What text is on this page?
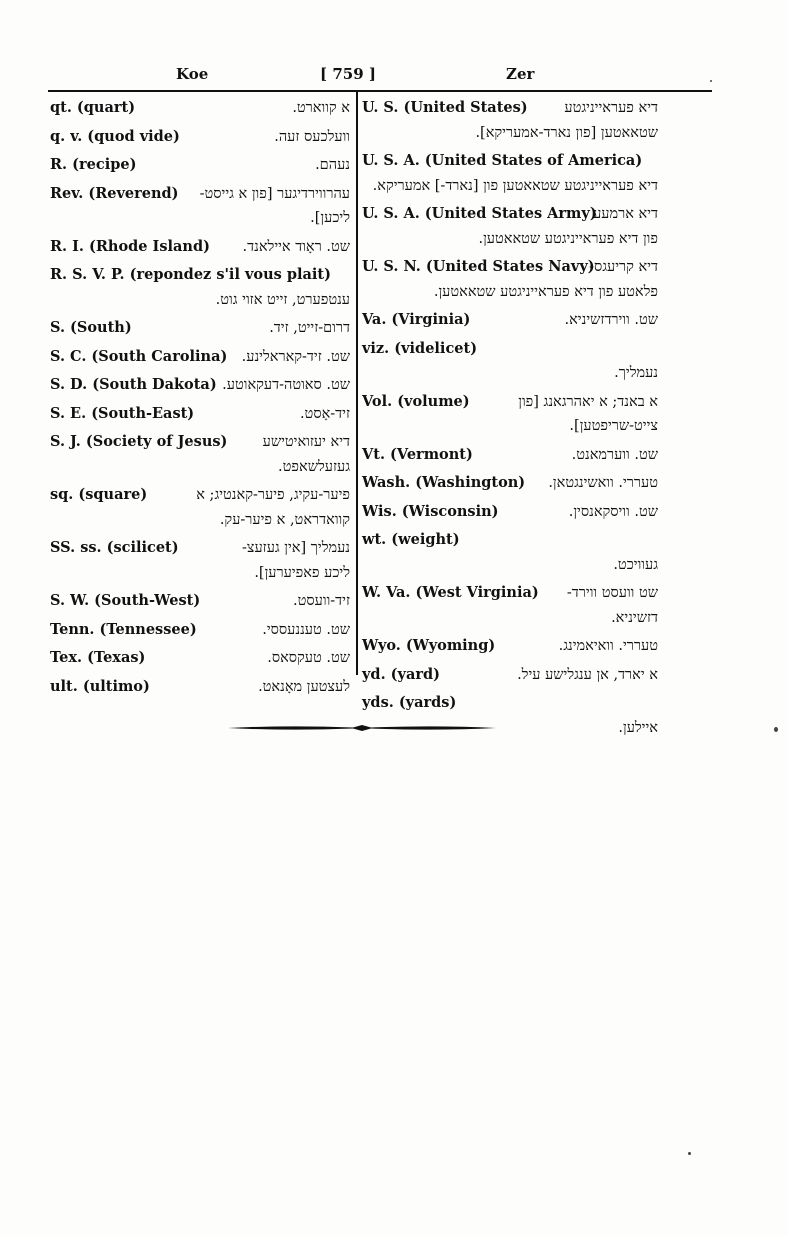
Koe	[ 759 ]	Zer
qt. (quart)	א קווארט.
q. v. (quod vide)	וועלכעס זעה.
R. (recipe)	נעהם.
Rev. (Reverend) עהרווירדיגער [פון א גייסט-
ליכען].
R. I. (Rhode Island) שט. ראָוד איילאנד.
R. S. V. P. (repondez s'il vous plait)
ענטפערט, זייט אזוי גוט.
S. (South)	דרום-זייט, זיד.
S. C. (South Carolina) שט. זיד-קאראלינע.
S. D. (South Dakota) שט. סאוטה-דעקאוטע.
S. E. (South-East)	זיד-אָסט.
S. J. (Society of Jesus) דיא יעזואיטישע
געזעלשאפט.
sq. (square)	פיער-עקיג, פיער-קאנטיג; א
קוואדראט, א פיער-עק.
SS. ss. (scilicet)	נעמליך [אין געזעצ-
ליכע פאפיערען].
S. W. (South-West)	זיד-וועסט.
Tenn. (Tennessee)	שט. טעננעססי.
Tex. (Texas)	שט. טעקסאס.
ult. (ultimo)	לעצטען מאָנאט.
U. S. (United States)	דיא פעראייניגטע
שטאאטען [פון נארד-אמעריקא].
U. S. A. (United States of America)
דיא פעראייניגטע שטאאטען פון [נארד-] אמעריקא.
U. S. A. (United States Army)
דיא ארמעע
פון דיא פעראייניגטע שטאאטען.
U. S. N. (United States Navy)
דיא קריעגס-
פלאטע פון דיא פעראייניגטע שטאאטען.
Va. (Virginia)	שט. ווירדזשיניא.
viz. (videlicet)
נעמליך.
Vol. (volume)	א באנד; א יאהרגאנג [פון
צייט-שריפטען].
Vt. (Vermont)	שט. ווערמאנט.
Wash. (Washington) טעררי. וואשינגטאן.
Wis. (Wisconsin)	שט. וויסקאנסין.
wt. (weight)
געוויכט.
W. Va. (West Virginia) שט וועסט ווירד-
דזשיניא.
Wyo. (Wyoming)	טעררי. וואיאמינג.
yd. (yard)	א יארד, אן ענגלישע עיל.
yds. (yards)
איילען.
